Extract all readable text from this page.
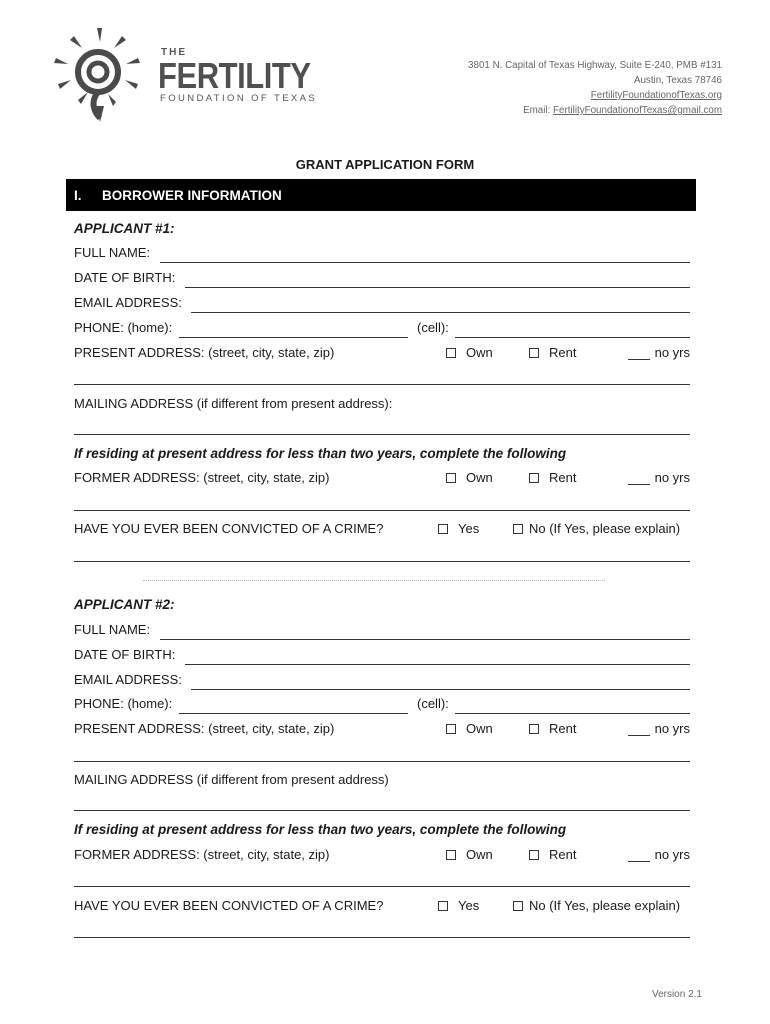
THE
FERTILITY
FOUNDATION OF TEXAS
3801 N. Capital of Texas Highway, Suite E-240, PMB #131
Austin, Texas 78746
FertilityFoundationofTexas.org
Email: FertilityFoundationofTexas@gmail.com
GRANT APPLICATION FORM
I. BORROWER INFORMATION
APPLICANT #1:
FULL NAME:
DATE OF BIRTH:
EMAIL ADDRESS:
PHONE: (home):	(cell):
PRESENT ADDRESS: (street, city, state, zip)	Own	Rent	no yrs
MAILING ADDRESS (if different from present address):
If residing at present address for less than two years, complete the following
FORMER ADDRESS: (street, city, state, zip)	Own	Rent	no yrs
HAVE YOU EVER BEEN CONVICTED OF A CRIME?	Yes	No (If Yes, please explain)
APPLICANT #2:
FULL NAME:
DATE OF BIRTH:
EMAIL ADDRESS:
PHONE: (home):	(cell):
PRESENT ADDRESS: (street, city, state, zip)	Own	Rent	no yrs
MAILING ADDRESS (if different from present address)
If residing at present address for less than two years, complete the following
FORMER ADDRESS: (street, city, state, zip)	Own	Rent	no yrs
HAVE YOU EVER BEEN CONVICTED OF A CRIME?	Yes	No (If Yes, please explain)
Version 2.1
